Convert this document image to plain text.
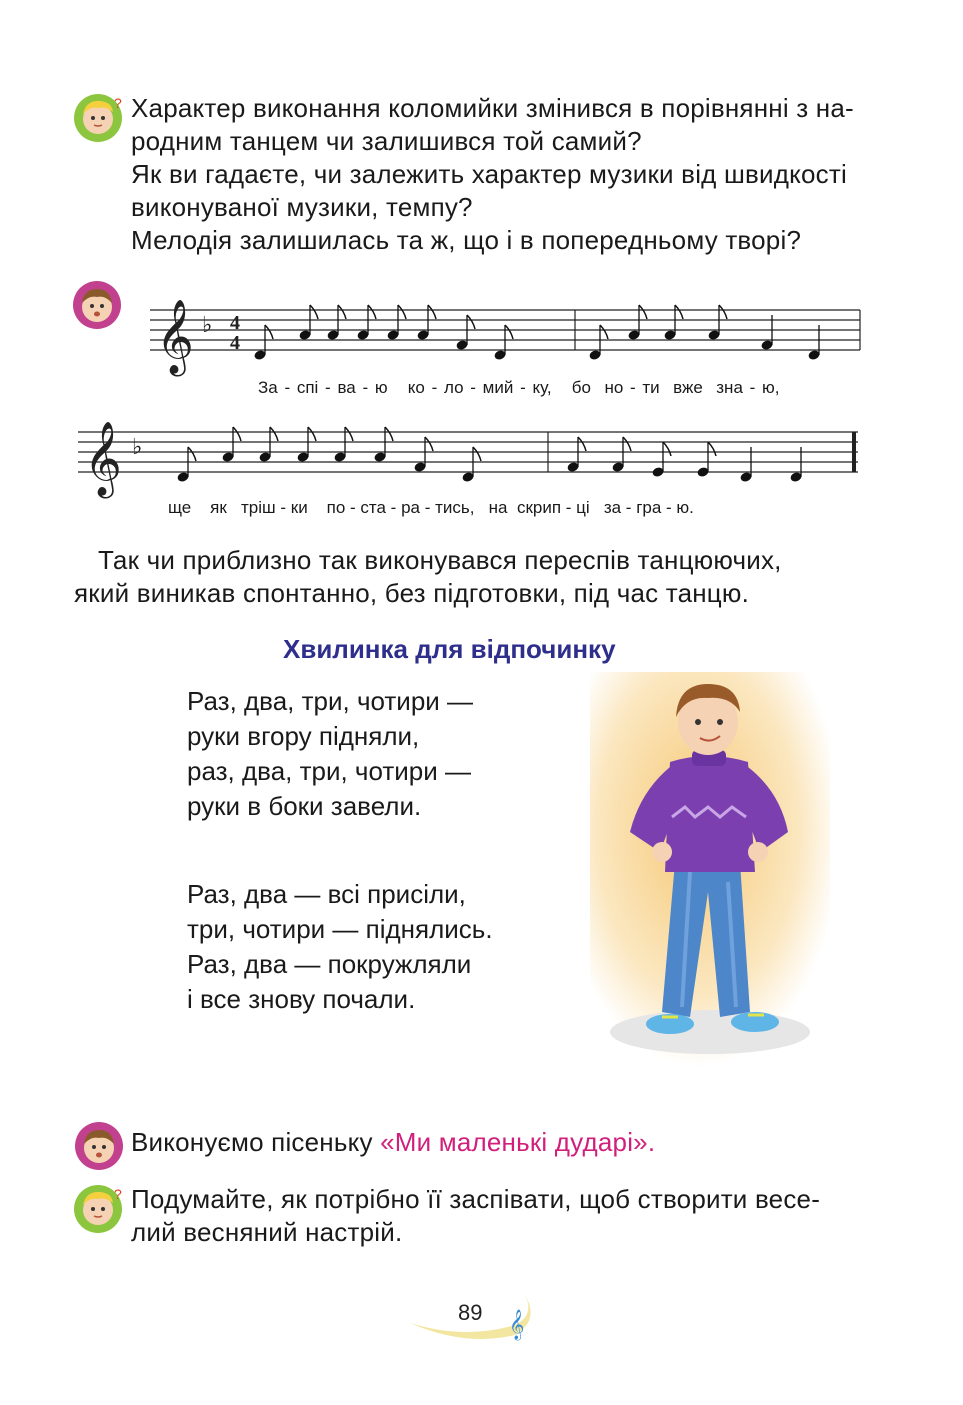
? Характер виконання коломийки змінився в порівнянні з на-
родним танцем чи залишився той самий?
Як ви гадаєте, чи залежить характер музики від швидкості
виконуваної музики, темпу?
Мелодія залишилась та ж, що і в попередньому творі?
𝄞 ♭ 4
4
За - спі - ва - ю ко - ло - мий - ку, бо но - ти вже зна - ю,
𝄞 ♭
ще як тріш - ки по - ста - ра - тись, на скрип - ці за - гра - ю.
Так чи приблизно так виконувався переспів танцюючих,
який виникав спонтанно, без підготовки, під час танцю.
Хвилинка для відпочинку
Раз, два, три, чотири —
руки вгору підняли,
раз, два, три, чотири —
руки в боки завели.
Раз, два — всі присіли,
три, чотири — піднялись.
Раз, два — покружляли
і все знову почали.
Виконуємо пісеньку «Ми маленькі дударі».
? Подумайте, як потрібно її заспівати, щоб створити весе-
лий весняний настрій.
𝄞
89
